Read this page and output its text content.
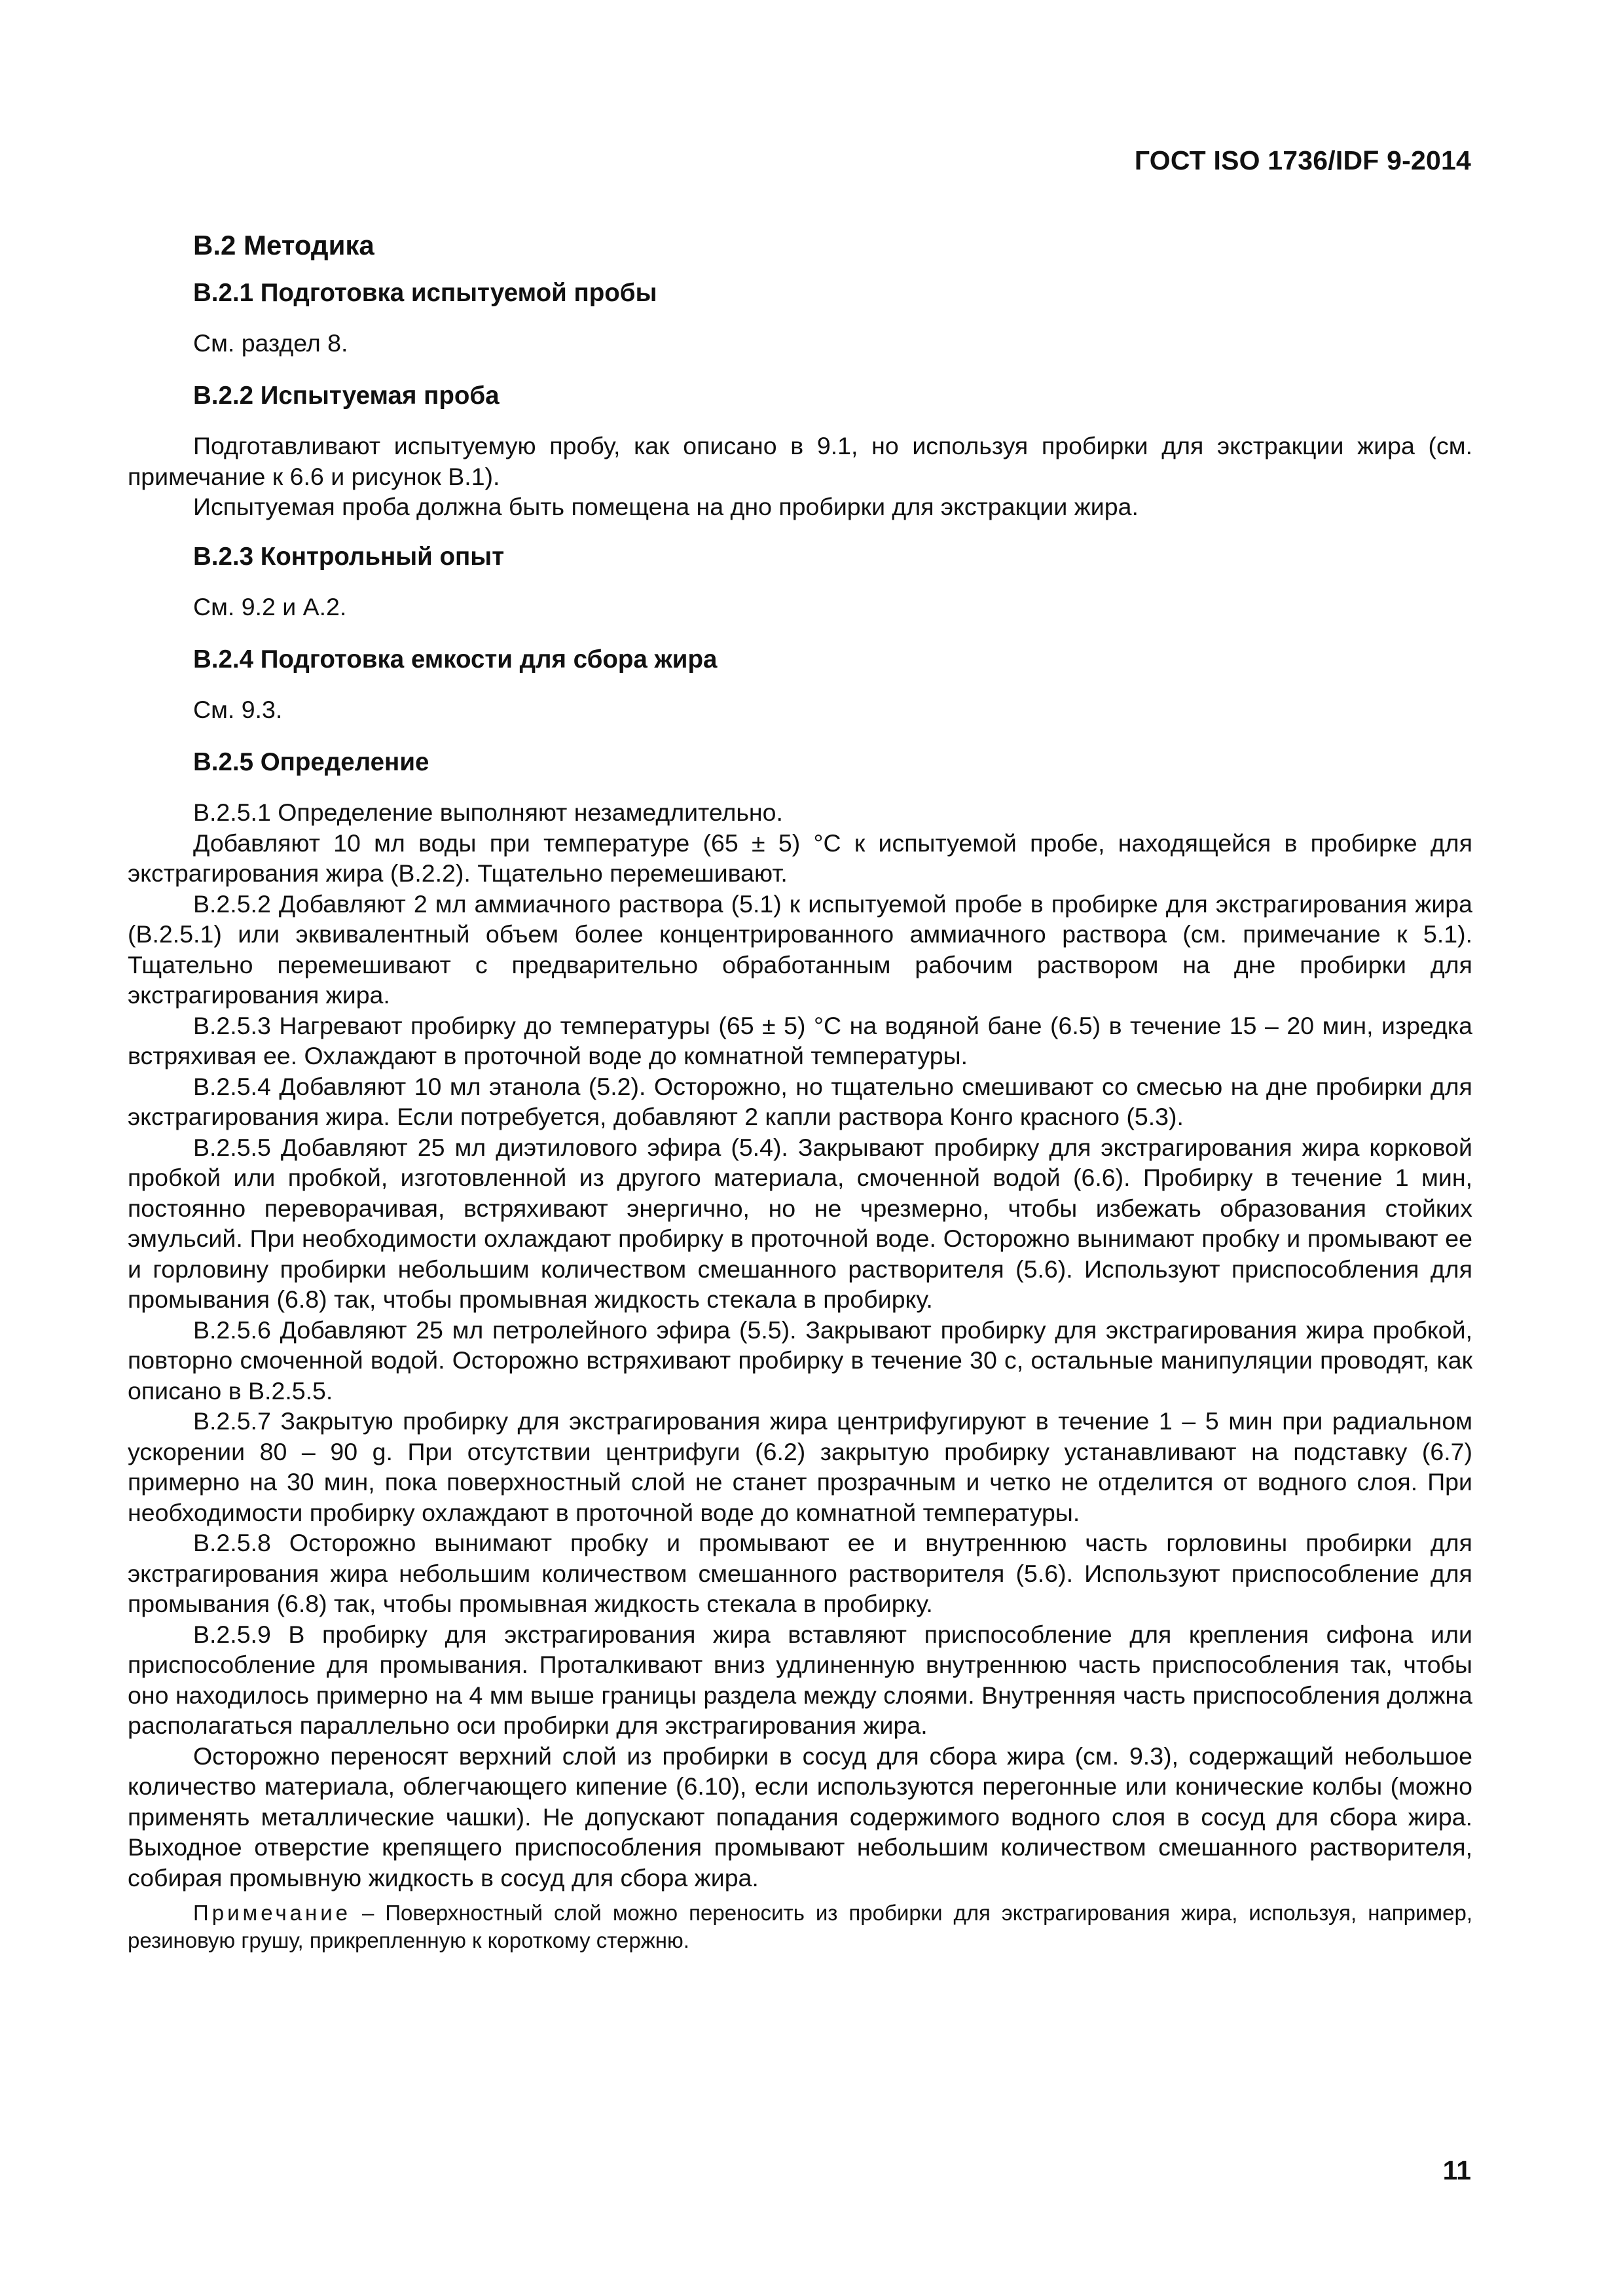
ГОСТ ISO 1736/IDF 9-2014
B.2 Методика
B.2.1 Подготовка испытуемой пробы

См. раздел 8.

B.2.2 Испытуемая проба

Подготавливают испытуемую пробу, как описано в 9.1, но используя пробирки для экстракции жира (см. примечание к 6.6 и рисунок В.1).

Испытуемая проба должна быть помещена на дно пробирки для экстракции жира.

B.2.3 Контрольный опыт

См. 9.2 и А.2.

B.2.4 Подготовка емкости для сбора жира

См. 9.3.

B.2.5 Определение

В.2.5.1 Определение выполняют незамедлительно.

Добавляют 10 мл воды при температуре (65 ± 5) °С к испытуемой пробе, находящейся в пробирке для экстрагирования жира (В.2.2). Тщательно перемешивают.

В.2.5.2 Добавляют 2 мл аммиачного раствора (5.1) к испытуемой пробе в пробирке для экстрагирования жира (В.2.5.1) или эквивалентный объем более концентрированного аммиачного раствора (см. примечание к 5.1). Тщательно перемешивают с предварительно обработанным рабочим раствором на дне пробирки для экстрагирования жира.

В.2.5.3 Нагревают пробирку до температуры (65 ± 5) °С на водяной бане (6.5) в течение 15 – 20 мин, изредка встряхивая ее. Охлаждают в проточной воде до комнатной температуры.

В.2.5.4 Добавляют 10 мл этанола (5.2). Осторожно, но тщательно смешивают со смесью на дне пробирки для экстрагирования жира. Если потребуется, добавляют 2 капли раствора Конго красного (5.3).

В.2.5.5 Добавляют 25 мл диэтилового эфира (5.4). Закрывают пробирку для экстрагирования жира корковой пробкой или пробкой, изготовленной из другого материала, смоченной водой (6.6). Пробирку в течение 1 мин, постоянно переворачивая, встряхивают энергично, но не чрезмерно, чтобы избежать образования стойких эмульсий. При необходимости охлаждают пробирку в проточной воде. Осторожно вынимают пробку и промывают ее и горловину пробирки небольшим количеством смешанного растворителя (5.6). Используют приспособления для промывания (6.8) так, чтобы промывная жидкость стекала в пробирку.

В.2.5.6 Добавляют 25 мл петролейного эфира (5.5). Закрывают пробирку для экстрагирования жира пробкой, повторно смоченной водой. Осторожно встряхивают пробирку в течение 30 с, остальные манипуляции проводят, как описано в В.2.5.5.

В.2.5.7 Закрытую пробирку для экстрагирования жира центрифугируют в течение 1 – 5 мин при радиальном ускорении 80 – 90 g. При отсутствии центрифуги (6.2) закрытую пробирку устанавливают на подставку (6.7) примерно на 30 мин, пока поверхностный слой не станет прозрачным и четко не отделится от водного слоя. При необходимости пробирку охлаждают в проточной воде до комнатной температуры.

В.2.5.8 Осторожно вынимают пробку и промывают ее и внутреннюю часть горловины пробирки для экстрагирования жира небольшим количеством смешанного растворителя (5.6). Используют приспособление для промывания (6.8) так, чтобы промывная жидкость стекала в пробирку.

В.2.5.9 В пробирку для экстрагирования жира вставляют приспособление для крепления сифона или приспособление для промывания. Проталкивают вниз удлиненную внутреннюю часть приспособления так, чтобы оно находилось примерно на 4 мм выше границы раздела между слоями. Внутренняя часть приспособления должна располагаться параллельно оси пробирки для экстрагирования жира.

Осторожно переносят верхний слой из пробирки в сосуд для сбора жира (см. 9.3), содержащий небольшое количество материала, облегчающего кипение (6.10), если используются перегонные или конические колбы (можно применять металлические чашки). Не допускают попадания содержимого водного слоя в сосуд для сбора жира. Выходное отверстие крепящего приспособления промывают небольшим количеством смешанного растворителя, собирая промывную жидкость в сосуд для сбора жира.

Примечание – Поверхностный слой можно переносить из пробирки для экстрагирования жира, используя, например, резиновую грушу, прикрепленную к короткому стержню.

11
